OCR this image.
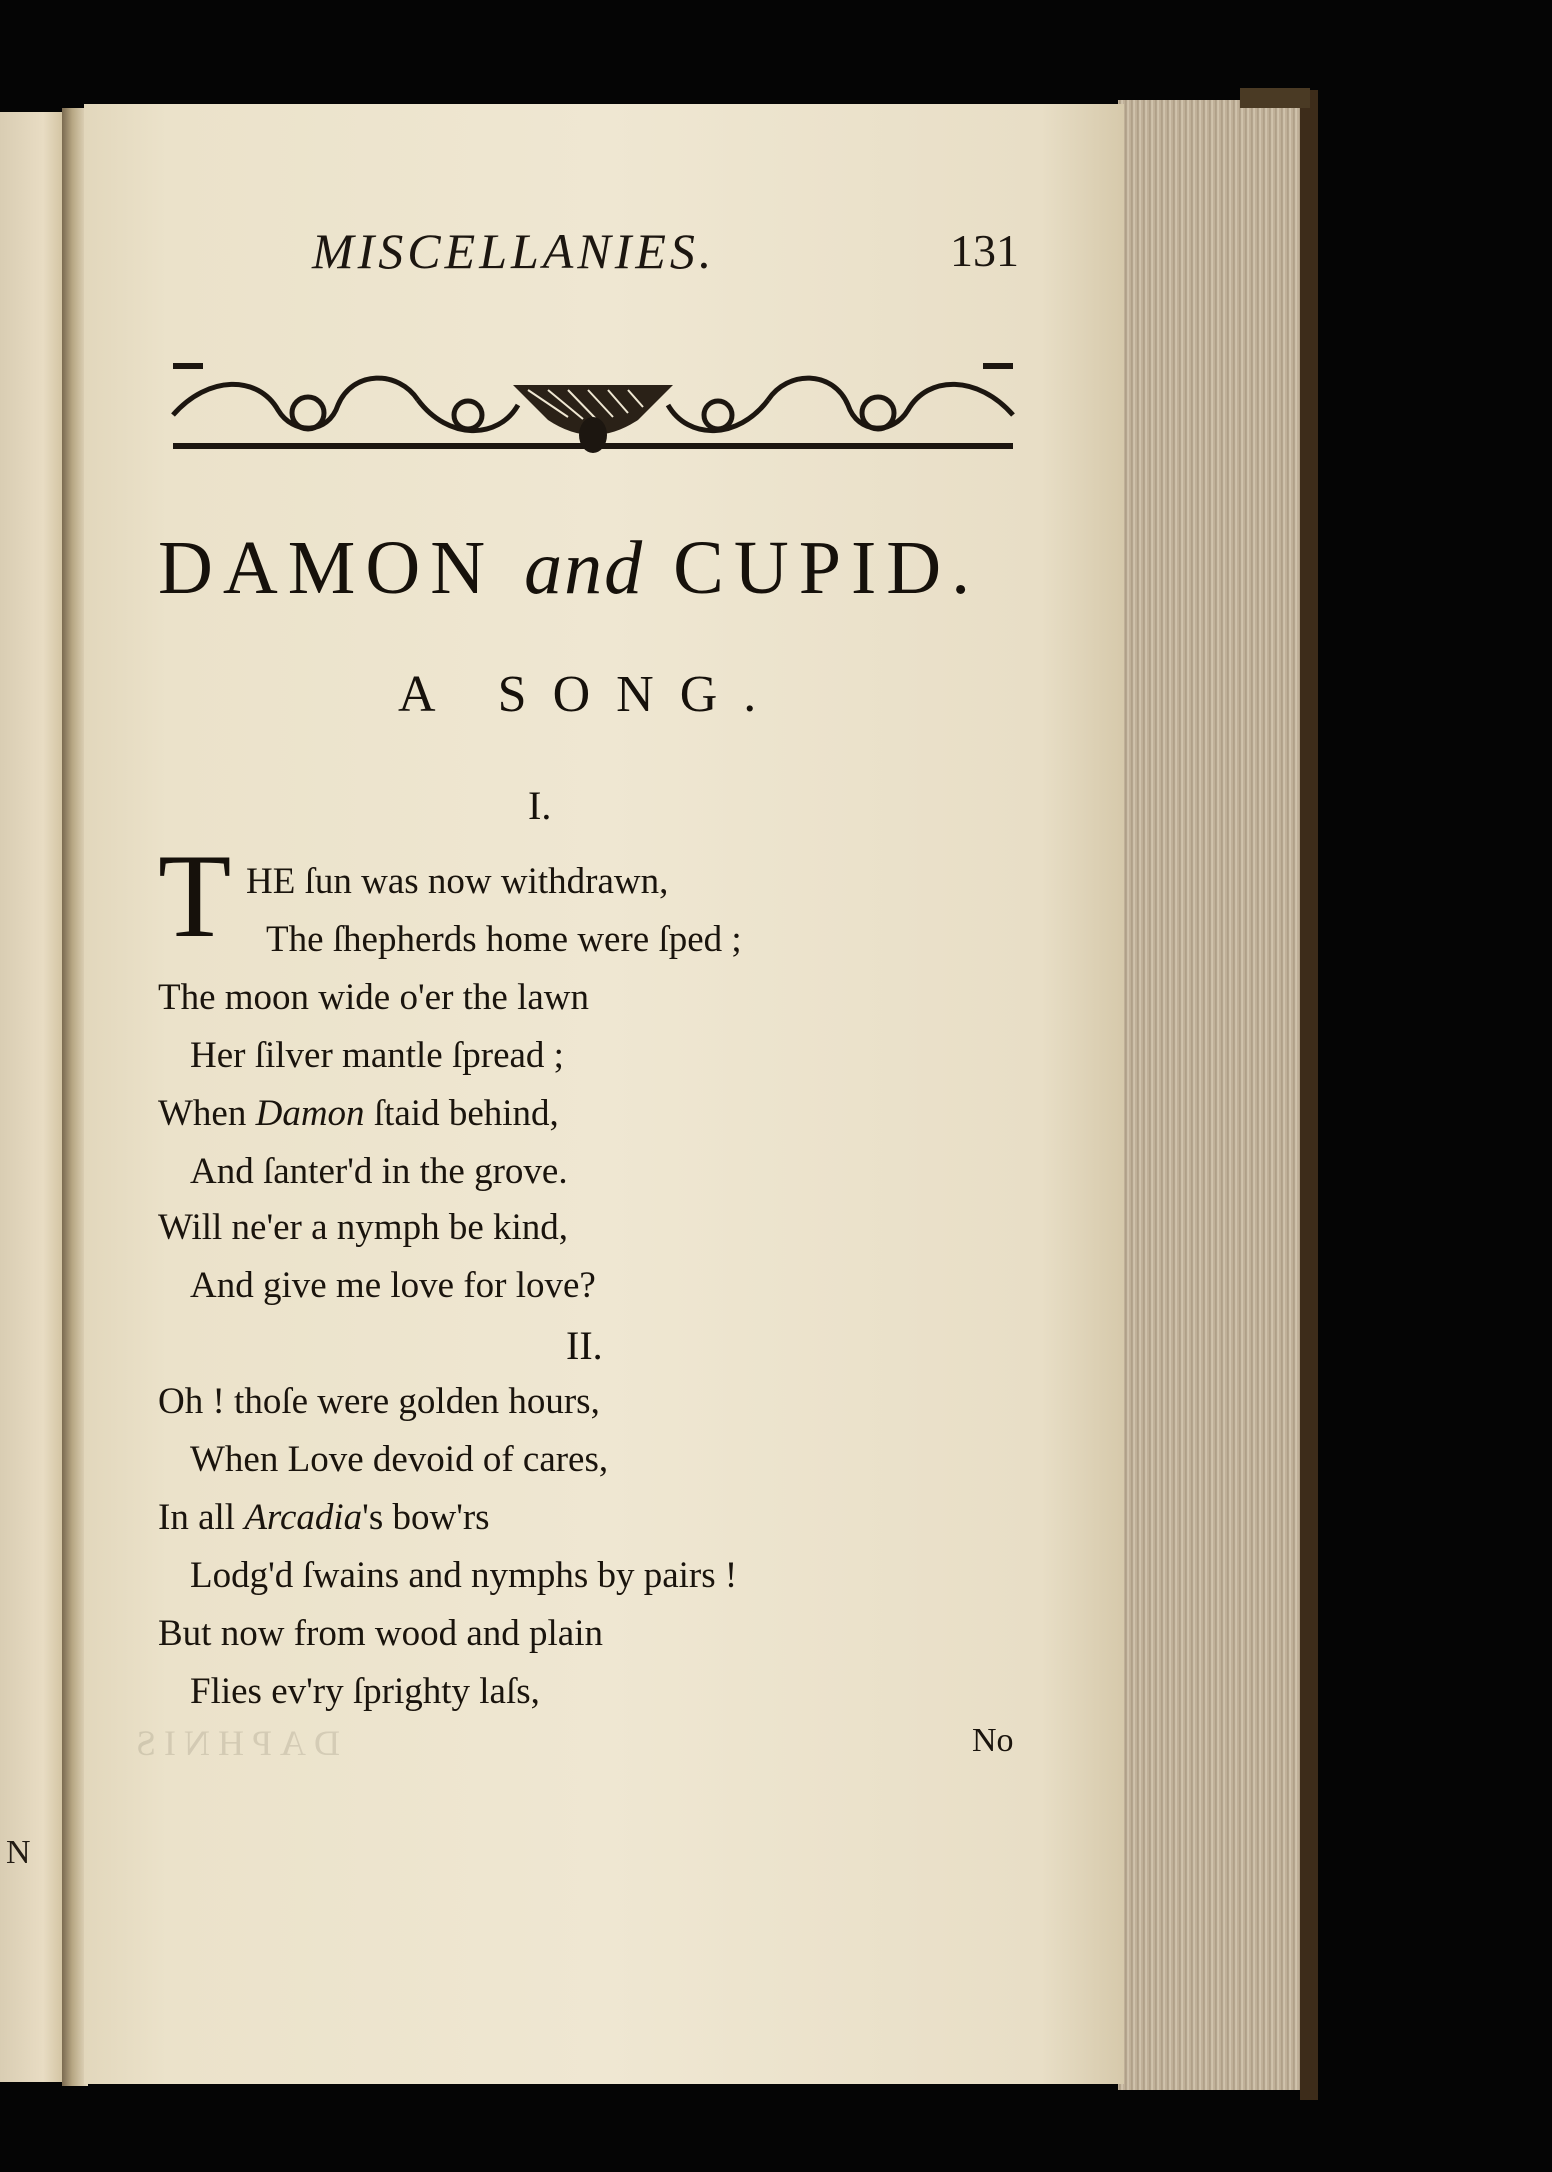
N
MISCELLANIES.	131
DAMON and CUPID.
A SONG.
I.
T HE ſun was now withdrawn,
The ſhepherds home were ſped ;
The moon wide o'er the lawn
Her ſilver mantle ſpread ;
When Damon ſtaid behind,
And ſanter'd in the grove.
Will ne'er a nymph be kind,
And give me love for love?
II.
Oh ! thoſe were golden hours,
When Love devoid of cares,
In all Arcadia's bow'rs
Lodg'd ſwains and nymphs by pairs !
But now from wood and plain
Flies ev'ry ſprighty laſs,
DAPHNIS	No
